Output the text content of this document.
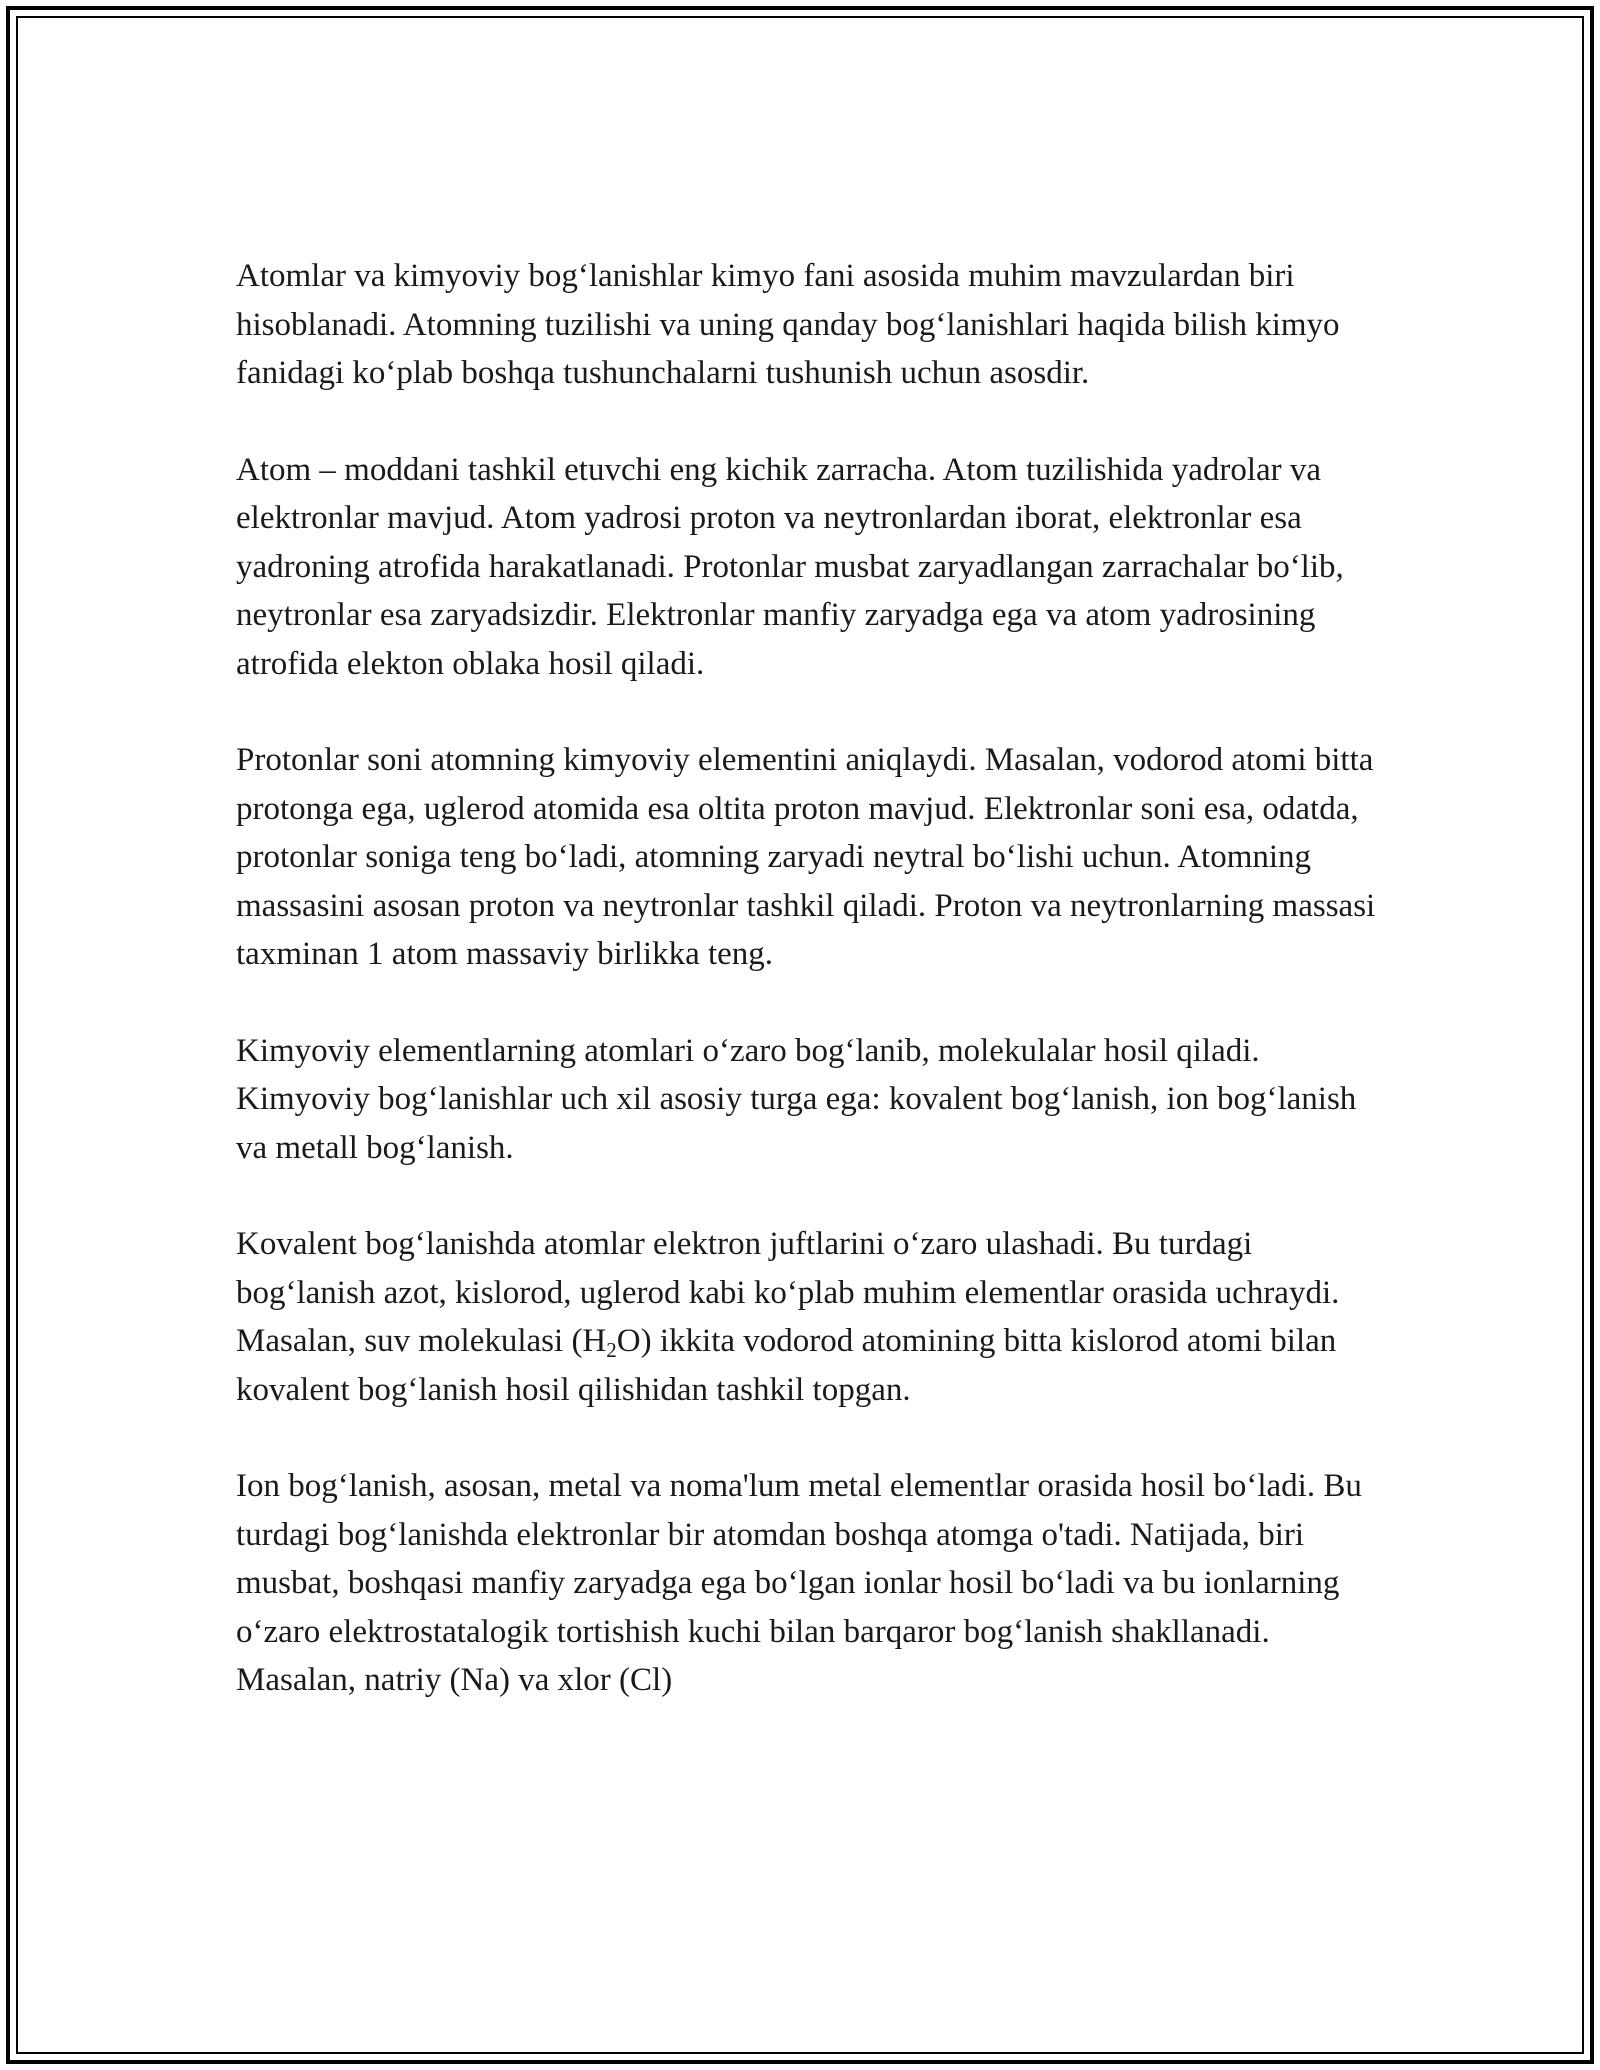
Atomlar va kimyoviy bog‘lanishlar kimyo fani asosida muhim mavzulardan biri hisoblanadi. Atomning tuzilishi va uning qanday bog‘lanishlari haqida bilish kimyo fanidagi ko‘plab boshqa tushunchalarni tushunish uchun asosdir.

Atom – moddani tashkil etuvchi eng kichik zarracha. Atom tuzilishida yadrolar va elektronlar mavjud. Atom yadrosi proton va neytronlardan iborat, elektronlar esa yadroning atrofida harakatlanadi. Protonlar musbat zaryadlangan zarrachalar bo‘lib, neytronlar esa zaryadsizdir. Elektronlar manfiy zaryadga ega va atom yadrosining atrofida elekton oblaka hosil qiladi.

Protonlar soni atomning kimyoviy elementini aniqlaydi. Masalan, vodorod atomi bitta protonga ega, uglerod atomida esa oltita proton mavjud. Elektronlar soni esa, odatda, protonlar soniga teng bo‘ladi, atomning zaryadi neytral bo‘lishi uchun. Atomning massasini asosan proton va neytronlar tashkil qiladi. Proton va neytronlarning massasi taxminan 1 atom massaviy birlikka teng.

Kimyoviy elementlarning atomlari o‘zaro bog‘lanib, molekulalar hosil qiladi. Kimyoviy bog‘lanishlar uch xil asosiy turga ega: kovalent bog‘lanish, ion bog‘lanish va metall bog‘lanish.

Kovalent bog‘lanishda atomlar elektron juftlarini o‘zaro ulashadi. Bu turdagi bog‘lanish azot, kislorod, uglerod kabi ko‘plab muhim elementlar orasida uchraydi. Masalan, suv molekulasi $(H_2O)$ ikkita vodorod atomining bitta kislorod atomi bilan kovalent bog‘lanish hosil qilishidan tashkil topgan.

Ion bog‘lanish, asosan, metal va noma'lum metal elementlar orasida hosil bo‘ladi. Bu turdagi bog‘lanishda elektronlar bir atomdan boshqa atomga o'tadi. Natijada, biri musbat, boshqasi manfiy zaryadga ega bo‘lgan ionlar hosil bo‘ladi va bu ionlarning o‘zaro elektrostatalogik tortishish kuchi bilan barqaror bog‘lanish shakllanadi. Masalan, natriy (Na) va xlor (Cl)
